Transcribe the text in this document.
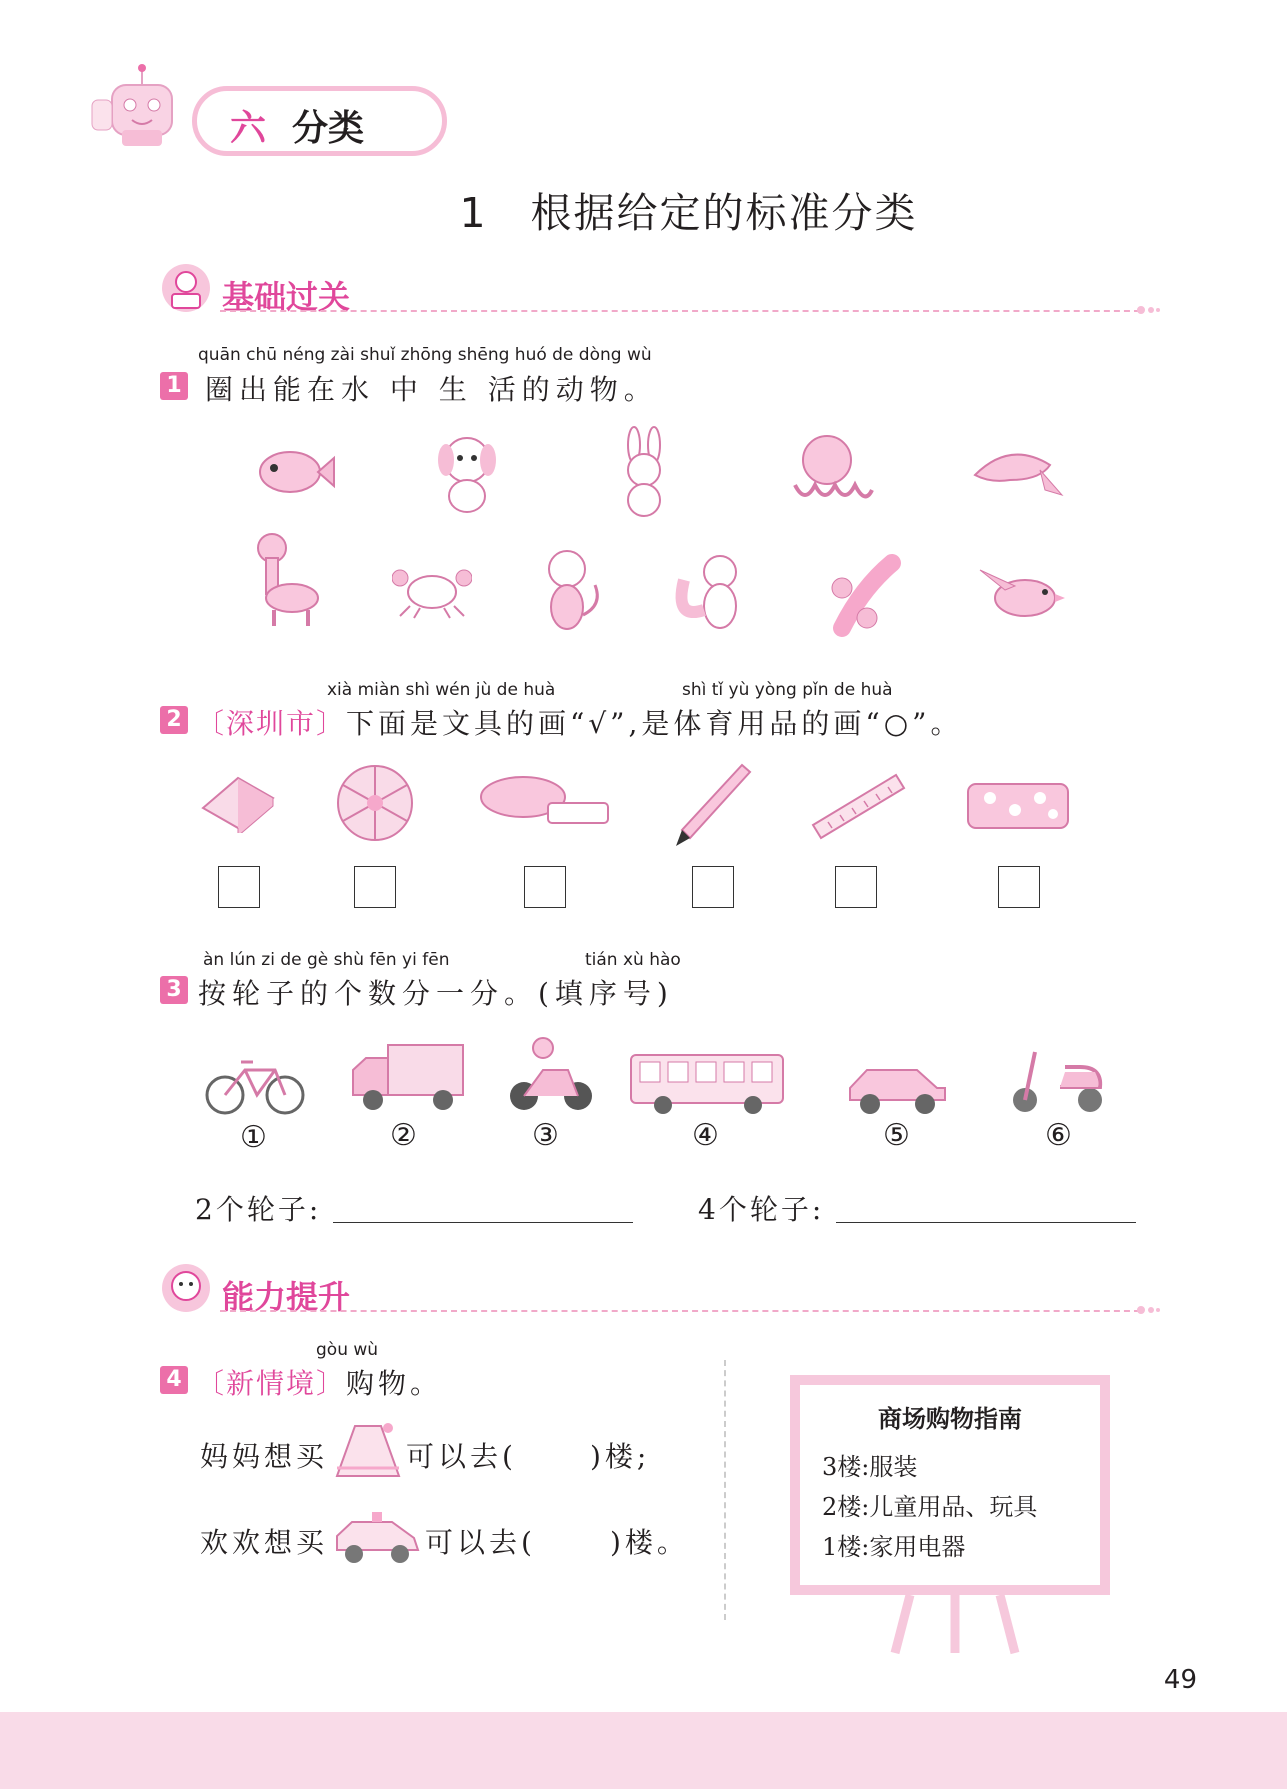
六 分类
1　根据给定的标准分类
基础过关
quān chū néng zài shuǐ zhōng shēng huó de dòng wù
1 圈出能在水 中 生 活的动物。
xià miàn shì wén jù de huà	shì tǐ yù yòng pǐn de huà
2 〔深圳市〕下面是文具的画“√”,是体育用品的画“○”。
àn lún zi de gè shù fēn yi fēn	tián xù hào
3 按轮子的个数分一分。(填序号)
①	②	③	④	⑤	⑥
2个轮子:	4个轮子:
能力提升
gòu wù
4 〔新情境〕购物。
妈妈想买	可以去(	)楼;
欢欢想买	可以去(	)楼。
商场购物指南
3楼:服装
2楼:儿童用品、玩具
1楼:家用电器
49
